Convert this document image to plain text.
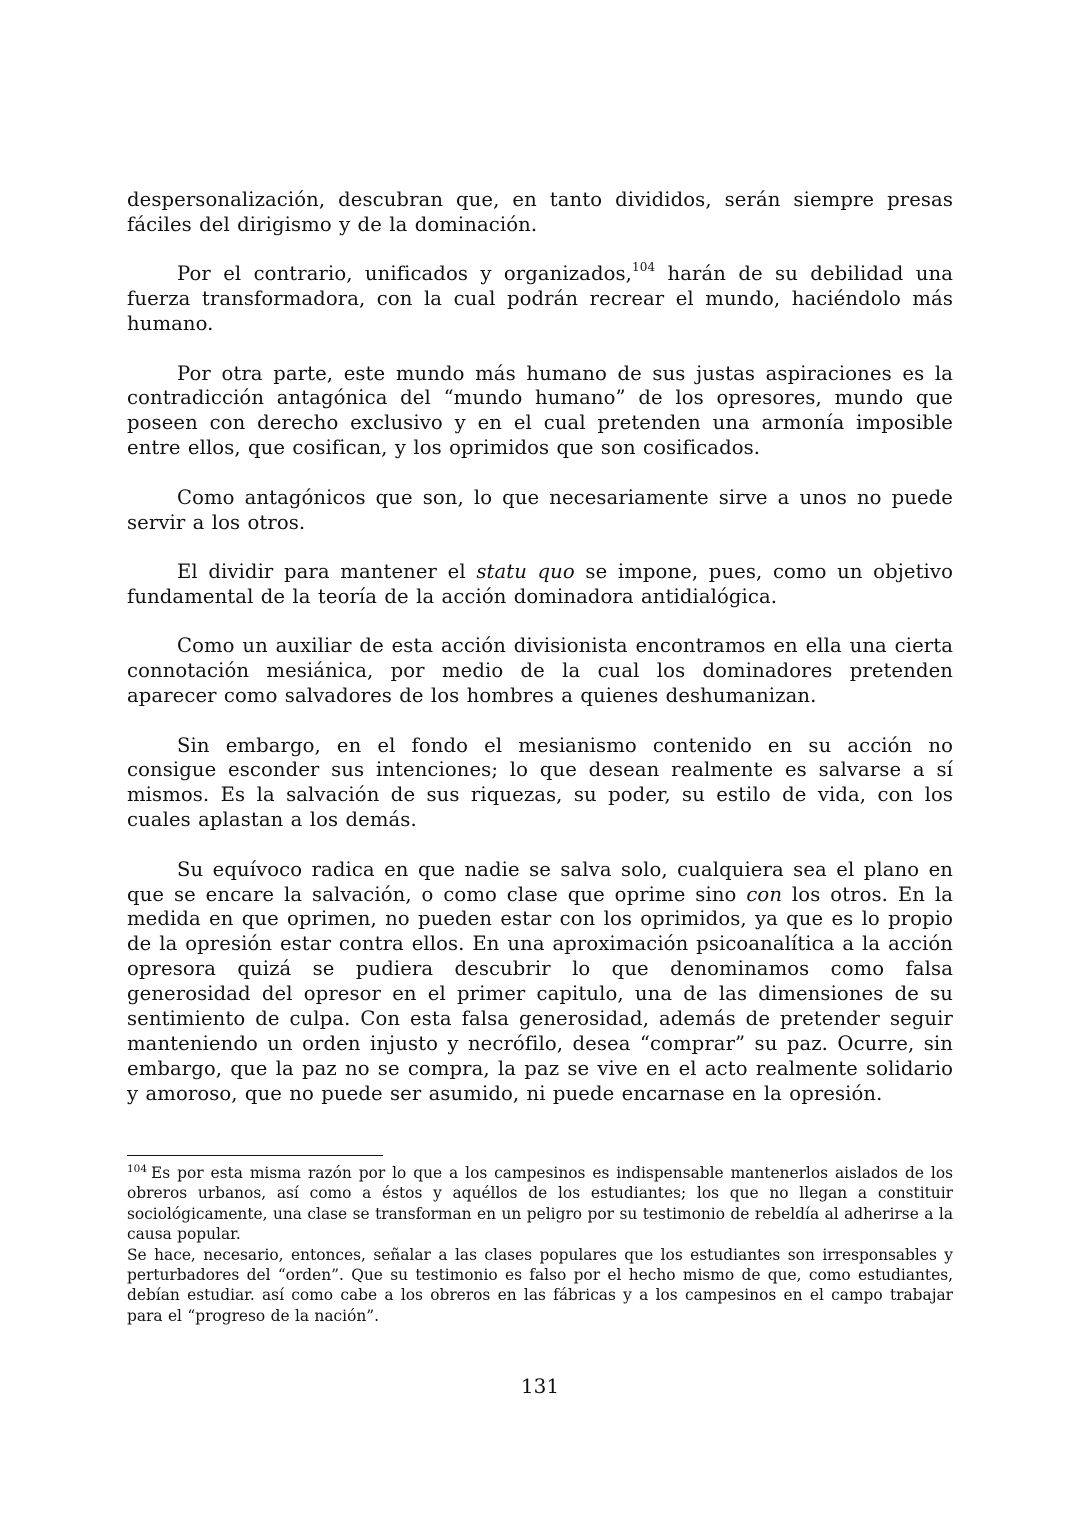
despersonalización, descubran que, en tanto divididos, serán siempre presas fáciles del dirigismo y de la dominación.

Por el contrario, unificados y organizados,$^{104}$ harán de su debilidad una fuerza transformadora, con la cual podrán recrear el mundo, haciéndolo más humano.

Por otra parte, este mundo más humano de sus justas aspiraciones es la contradicción antagónica del “mundo humano” de los opresores, mundo que poseen con derecho exclusivo y en el cual pretenden una armonía imposible entre ellos, que cosifican, y los oprimidos que son cosificados.

Como antagónicos que son, lo que necesariamente sirve a unos no puede servir a los otros.

El dividir para mantener el statu quo se impone, pues, como un objetivo fundamental de la teoría de la acción dominadora antidialógica.

Como un auxiliar de esta acción divisionista encontramos en ella una cierta connotación mesiánica, por medio de la cual los dominadores pretenden aparecer como salvadores de los hombres a quienes deshumanizan.

Sin embargo, en el fondo el mesianismo contenido en su acción no consigue esconder sus intenciones; lo que desean realmente es salvarse a sí mismos. Es la salvación de sus riquezas, su poder, su estilo de vida, con los cuales aplastan a los demás.

Su equívoco radica en que nadie se salva solo, cualquiera sea el plano en que se encare la salvación, o como clase que oprime sino con los otros. En la medida en que oprimen, no pueden estar con los oprimidos, ya que es lo propio de la opresión estar contra ellos. En una aproximación psicoanalítica a la acción opresora quizá se pudiera descubrir lo que denominamos como falsa generosidad del opresor en el primer capitulo, una de las dimensiones de su sentimiento de culpa. Con esta falsa generosidad, además de pretender seguir manteniendo un orden injusto y necrófilo, desea “comprar” su paz. Ocurre, sin embargo, que la paz no se compra, la paz se vive en el acto realmente solidario y amoroso, que no puede ser asumido, ni puede encarnase en la opresión.

$^{104}$ Es por esta misma razón por lo que a los campesinos es indispensable mantenerlos aislados de los obreros urbanos, así como a éstos y aquéllos de los estudiantes; los que no llegan a constituir sociológicamente, una clase se transforman en un peligro por su testimonio de rebeldía al adherirse a la causa popular.

Se hace, necesario, entonces, señalar a las clases populares que los estudiantes son irresponsables y perturbadores del “orden”. Que su testimonio es falso por el hecho mismo de que, como estudiantes, debían estudiar. así como cabe a los obreros en las fábricas y a los campesinos en el campo trabajar para el “progreso de la nación”.

131
